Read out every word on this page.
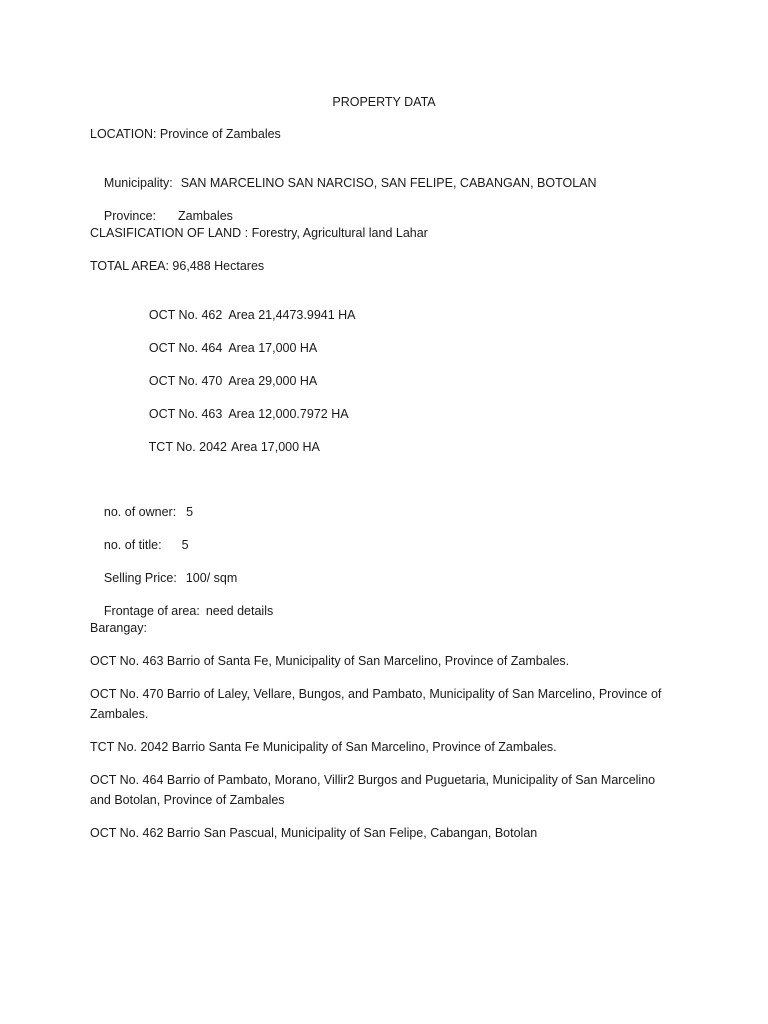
PROPERTY DATA
LOCATION: Province of Zambales

Municipality: SAN MARCELINO SAN NARCISO, SAN FELIPE, CABANGAN, BOTOLAN

Province: Zambales

CLASIFICATION OF LAND : Forestry, Agricultural land Lahar
TOTAL AREA: 96,488 Hectares

OCT No. 462 Area 21,4473.9941 HA

OCT No. 464 Area 17,000 HA

OCT No. 470 Area 29,000 HA

OCT No. 463 Area 12,000.7972 HA

TCT No. 2042 Area 17,000 HA

no. of owner: 5

no. of title: 5

Selling Price: 100/ sqm

Frontage of area: need details

Barangay:
OCT No. 463 Barrio of Santa Fe, Municipality of San Marcelino, Province of Zambales.
OCT No. 470 Barrio of Laley, Vellare, Bungos, and Pambato, Municipality of San Marcelino, Province of Zambales.
TCT No. 2042 Barrio Santa Fe Municipality of San Marcelino, Province of Zambales.
OCT No. 464 Barrio of Pambato, Morano, Villir2 Burgos and Puguetaria, Municipality of San Marcelino and Botolan, Province of Zambales
OCT No. 462 Barrio San Pascual, Municipality of San Felipe, Cabangan, Botolan
